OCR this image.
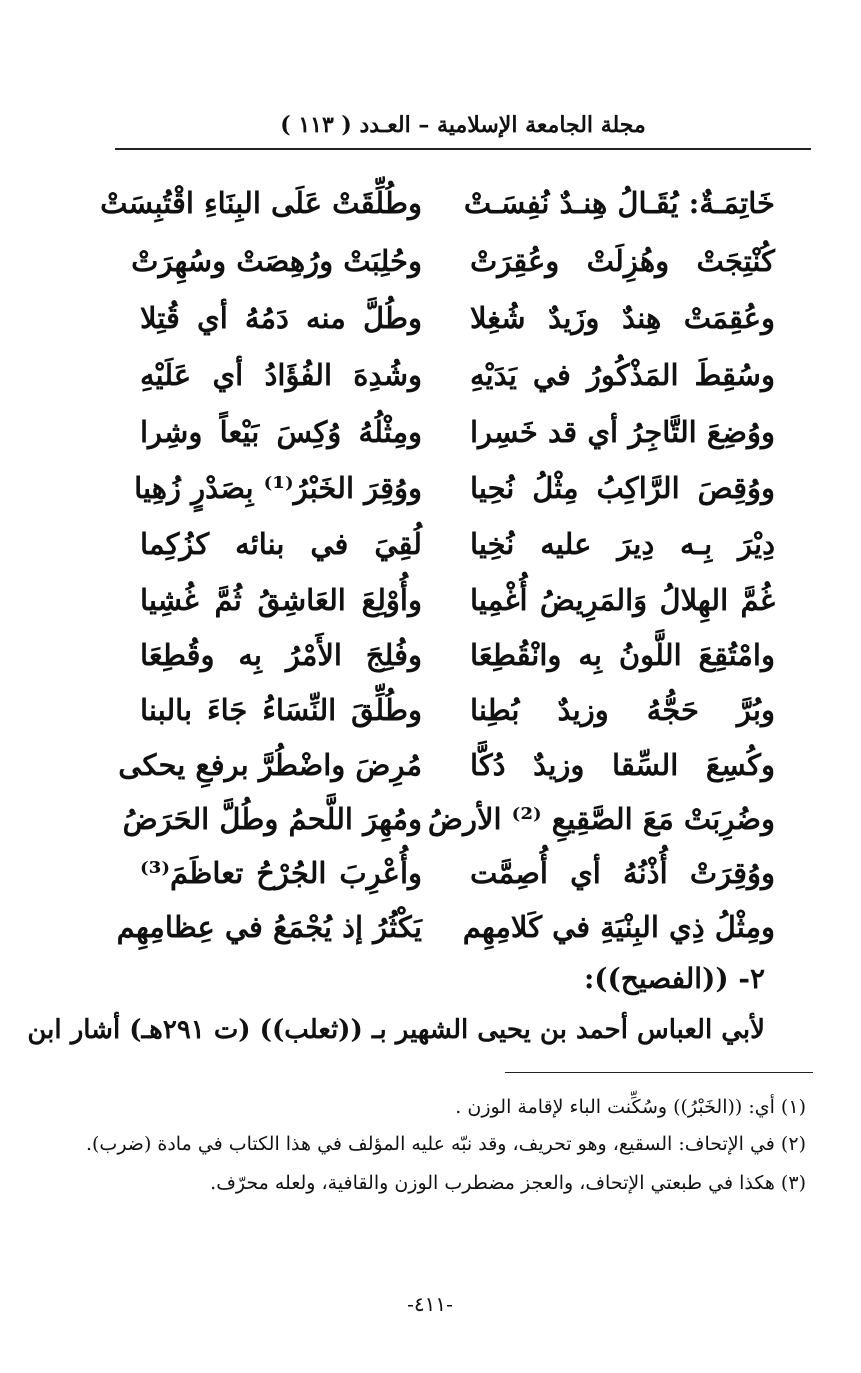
مجلة الجامعة الإسلامية – العـدد ( ١١٣ )
خَاتِمَـةٌ: يُقَـالُ هِنـدٌ نُفِسَـتْ
وطُلِّقَتْ عَلَى البِنَاءِ اقْتُبِسَتْ
كُنْتِجَتْ وهُزِلَتْ وعُقِرَتْ
وحُلِبَتْ ورُهِصَتْ وسُهِرَتْ
وعُقِمَتْ هِندٌ وزَيدٌ شُغِلا
وطُلَّ منه دَمُهُ أي قُتِلا
وسُقِطَ المَذْكُورُ في يَدَيْهِ
وشُدِهَ الفُؤَادُ أي عَلَيْهِ
ووُضِعَ التَّاجِرُ أي قد خَسِرا
ومِثْلُهُ وُكِسَ بَيْعاً وشِرا
ووُقِصَ الرَّاكِبُ مِثْلُ نُحِيا
ووُقِرَ الخَبْرُ⁽¹⁾ بِصَدْرٍ زُهِيا
دِيْرَ بِـه دِيرَ عليه نُخِيا
لُقِيَ في بنائه كزُكِما
غُمَّ الهِلالُ وَالمَرِيضُ أُغْمِيا
وأُوْلِعَ العَاشِقُ ثُمَّ غُشِيا
وامْتُقِعَ اللَّونُ بِه وانْقُطِعَا
وفُلِجَ الأَمْرُ بِه وقُطِعَا
وبُرَّ حَجُّهُ وزيدٌ بُطِنا
وطُلِّقَ النِّسَاءُ جَاءَ بالبنا
وكُسِعَ السِّقا وزيدٌ دُكَّا
مُرِضَ واضْطُرَّ برفعِ يحكى
وضُرِبَتْ مَعَ الصَّقِيعِ ⁽²⁾ الأرضُ
ومُهِرَ اللَّحمُ وطُلَّ الحَرَضُ
ووُقِرَتْ أُذْنُهُ أي أُصِمَّت
وأُعْرِبَ الجُرْحُ تعاظَمَ⁽³⁾
ومِثْلُ ذِي البِنْيَةِ في كَلامِهِم
يَكْثُرُ إذ يُجْمَعُ في عِظامِهِم
٢- ((الفصيح)):
لأبي العباس أحمد بن يحيى الشهير بـ ((ثعلب)) (ت ٢٩١هـ) أشار ابن
(١) أي: ((الخَبْرُ)) وسُكِّنت الباء لإقامة الوزن .
(٢) في الإتحاف: السقيع، وهو تحريف، وقد نبّه عليه المؤلف في هذا الكتاب في مادة (ضرب).
(٣) هكذا في طبعتي الإتحاف، والعجز مضطرب الوزن والقافية، ولعله محرّف.
-٤١١-
